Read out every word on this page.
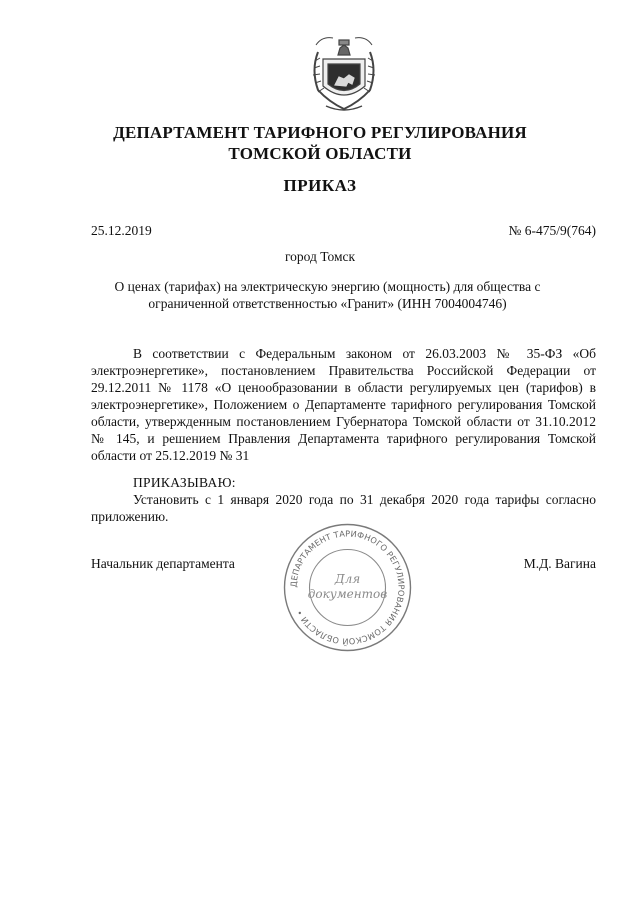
ДЕПАРТАМЕНТ ТАРИФНОГО РЕГУЛИРОВАНИЯ
ТОМСКОЙ ОБЛАСТИ
ПРИКАЗ
25.12.2019	№ 6-475/9(764)
город Томск
О ценах (тарифах) на электрическую энергию (мощность) для общества с ограниченной ответственностью «Гранит» (ИНН 7004004746)
В соответствии с Федеральным законом от 26.03.2003 № 35-ФЗ «Об электроэнергетике», постановлением Правительства Российской Федерации от 29.12.2011 № 1178 «О ценообразовании в области регулируемых цен (тарифов) в электроэнергетике», Положением о Департаменте тарифного регулирования Томской области, утвержденным постановлением Губернатора Томской области от 31.10.2012 № 145, и решением Правления Департамента тарифного регулирования Томской области от 25.12.2019 № 31
ПРИКАЗЫВАЮ:
Установить с 1 января 2020 года по 31 декабря 2020 года тарифы согласно приложению.
Начальник департамента	М.Д. Вагина
ДЕПАРТАМЕНТ ТАРИФНОГО РЕГУЛИРОВАНИЯ ТОМСКОЙ ОБЛАСТИ •
Для
документов
